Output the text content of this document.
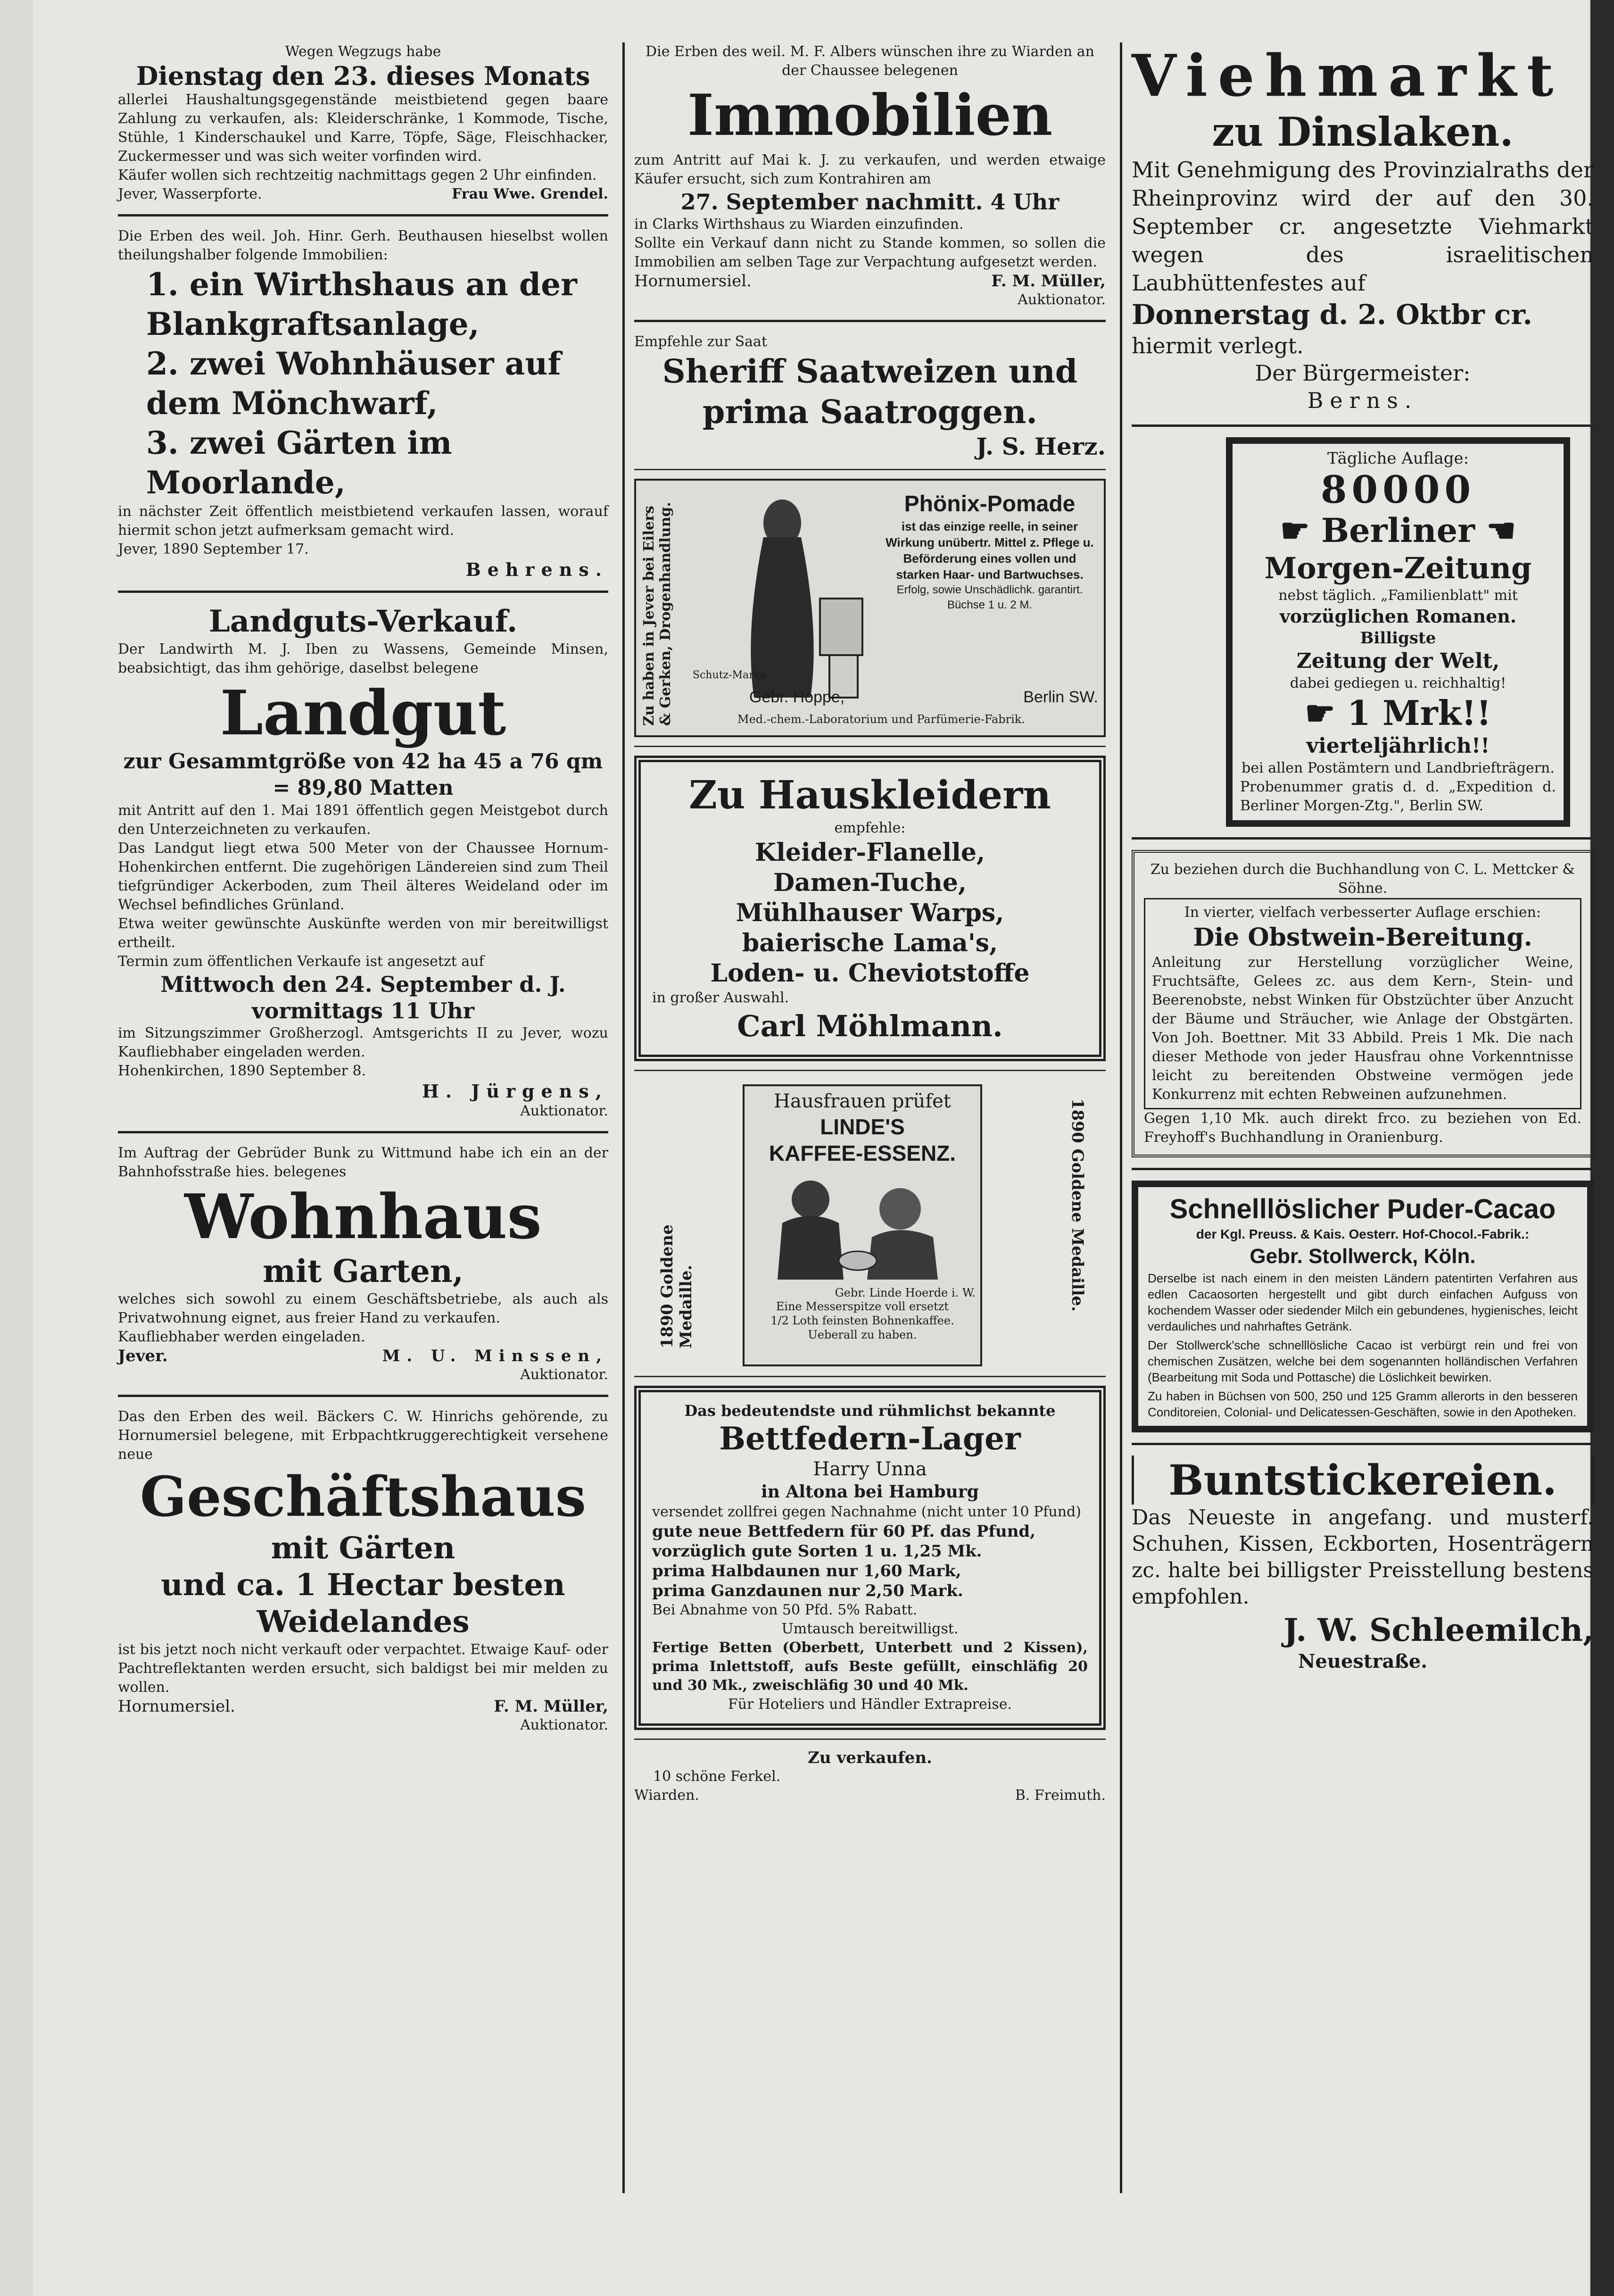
Wegen Wegzugs habe
Dienstag den 23. dieses Monats
allerlei Haushaltungsgegenstände meistbietend gegen baare Zahlung zu verkaufen, als: Kleiderschränke, 1 Kommode, Tische, Stühle, 1 Kinderschaukel und Karre, Töpfe, Säge, Fleischhacker, Zuckermesser und was sich weiter vorfinden wird.
Käufer wollen sich rechtzeitig nachmittags gegen 2 Uhr einfinden.
Jever, Wasserpforte.	Frau Wwe. Grendel.
Die Erben des weil. Joh. Hinr. Gerh. Beuthausen hieselbst wollen theilungshalber folgende Immobilien:
1. ein Wirthshaus an der Blankgraftsanlage,
2. zwei Wohnhäuser auf dem Mönchwarf,
3. zwei Gärten im Moorlande,
in nächster Zeit öffentlich meistbietend verkaufen lassen, worauf hiermit schon jetzt aufmerksam gemacht wird.
Jever, 1890 September 17.
Behrens.
Landguts-Verkauf.
Der Landwirth M. J. Iben zu Wassens, Gemeinde Minsen, beabsichtigt, das ihm gehörige, daselbst belegene
Landgut
zur Gesammtgröße von 42 ha 45 a 76 qm
= 89,80 Matten
mit Antritt auf den 1. Mai 1891 öffentlich gegen Meistgebot durch den Unterzeichneten zu verkaufen.
Das Landgut liegt etwa 500 Meter von der Chaussee Hornum-Hohenkirchen entfernt. Die zugehörigen Ländereien sind zum Theil tiefgründiger Ackerboden, zum Theil älteres Weideland oder im Wechsel befindliches Grünland.
Etwa weiter gewünschte Auskünfte werden von mir bereitwilligst ertheilt.
Termin zum öffentlichen Verkaufe ist angesetzt auf
Mittwoch den 24. September d. J.
vormittags 11 Uhr
im Sitzungszimmer Großherzogl. Amtsgerichts II zu Jever, wozu Kaufliebhaber eingeladen werden.
Hohenkirchen, 1890 September 8.
H. Jürgens,
Auktionator.
Im Auftrag der Gebrüder Bunk zu Wittmund habe ich ein an der Bahnhofsstraße hies. belegenes
Wohnhaus
mit Garten,
welches sich sowohl zu einem Geschäftsbetriebe, als auch als Privatwohnung eignet, aus freier Hand zu verkaufen.
Kaufliebhaber werden eingeladen.
Jever.	M. U. Minssen,
Auktionator.
Das den Erben des weil. Bäckers C. W. Hinrichs gehörende, zu Hornumersiel belegene, mit Erbpachtkruggerechtigkeit versehene neue
Geschäftshaus
mit Gärten
und ca. 1 Hectar besten
Weidelandes
ist bis jetzt noch nicht verkauft oder verpachtet. Etwaige Kauf- oder Pachtreflektanten werden ersucht, sich baldigst bei mir melden zu wollen.
Hornumersiel.	F. M. Müller,
Auktionator.
Die Erben des weil. M. F. Albers wünschen ihre zu Wiarden an der Chaussee belegenen
Immobilien
zum Antritt auf Mai k. J. zu verkaufen, und werden etwaige Käufer ersucht, sich zum Kontrahiren am
27. September nachmitt. 4 Uhr
in Clarks Wirthshaus zu Wiarden einzufinden.
Sollte ein Verkauf dann nicht zu Stande kommen, so sollen die Immobilien am selben Tage zur Verpachtung aufgesetzt werden.
Hornumersiel.	F. M. Müller,
Auktionator.
Empfehle zur Saat
Sheriff Saatweizen und
prima Saatroggen.
J. S. Herz.
Zu haben in Jever bei Eilers & Gerken, Drogenhandlung.	Phönix-Pomade
ist das einzige reelle, in seiner Wirkung unübertr. Mittel z. Pflege u. Beförderung eines vollen und starken Haar- und Bartwuchses.
Erfolg, sowie Unschädlichk. garantirt. Büchse 1 u. 2 M.
Schutz-Marke.
Gebr. Hoppe,	Berlin SW.
Med.-chem.-Laboratorium und Parfümerie-Fabrik.
Zu Hauskleidern
empfehle:
Kleider-Flanelle,
Damen-Tuche,
Mühlhauser Warps,
baierische Lama's,
Loden- u. Cheviotstoffe
in großer Auswahl.
Carl Möhlmann.
1890 Goldene Medaille.	1890 Goldene Medaille.
Hausfrauen prüfet
LINDE'S
KAFFEE-ESSENZ.
Gebr. Linde Hoerde i. W.
Eine Messerspitze voll ersetzt
1/2 Loth feinsten Bohnenkaffee.
Ueberall zu haben.
Das bedeutendste und rühmlichst bekannte
Bettfedern-Lager
Harry Unna
in Altona bei Hamburg
versendet zollfrei gegen Nachnahme (nicht unter 10 Pfund)
gute neue Bettfedern für 60 Pf. das Pfund,
vorzüglich gute Sorten 1 u. 1,25 Mk.
prima Halbdaunen nur 1,60 Mark,
prima Ganzdaunen nur 2,50 Mark.
Bei Abnahme von 50 Pfd. 5% Rabatt.
Umtausch bereitwilligst.
Fertige Betten (Oberbett, Unterbett und 2 Kissen), prima Inlettstoff, aufs Beste gefüllt, einschläfig 20 und 30 Mk., zweischläfig 30 und 40 Mk.
Für Hoteliers und Händler Extrapreise.
Zu verkaufen.
10 schöne Ferkel.
Wiarden.	B. Freimuth.
Viehmarkt
zu Dinslaken.
Mit Genehmigung des Provinzialraths der Rheinprovinz wird der auf den 30. September cr. angesetzte Viehmarkt wegen des israelitischen Laubhüttenfestes auf
Donnerstag d. 2. Oktbr cr.
hiermit verlegt.
Der Bürgermeister:
Berns.
Tägliche Auflage:
80000
☛ Berliner ☚
Morgen-Zeitung
nebst täglich. „Familienblatt" mit
vorzüglichen Romanen.
Billigste
Zeitung der Welt,
dabei gediegen u. reichhaltig!
☛ 1 Mrk!!
vierteljährlich!!
bei allen Postämtern und Landbriefträgern.
Probenummer gratis d. d. „Expedition d. Berliner Morgen-Ztg.", Berlin SW.
Zu beziehen durch die Buchhandlung von C. L. Mettcker & Söhne.
In vierter, vielfach verbesserter Auflage erschien:
Die Obstwein-Bereitung.
Anleitung zur Herstellung vorzüglicher Weine, Fruchtsäfte, Gelees zc. aus dem Kern-, Stein- und Beerenobste, nebst Winken für Obstzüchter über Anzucht der Bäume und Sträucher, wie Anlage der Obstgärten. Von Joh. Boettner. Mit 33 Abbild. Preis 1 Mk. Die nach dieser Methode von jeder Hausfrau ohne Vorkenntnisse leicht zu bereitenden Obstweine vermögen jede Konkurrenz mit echten Rebweinen aufzunehmen.
Gegen 1,10 Mk. auch direkt frco. zu beziehen von Ed. Freyhoff's Buchhandlung in Oranienburg.
Schnelllöslicher Puder-Cacao
der Kgl. Preuss. & Kais. Oesterr. Hof-Chocol.-Fabrik.:
Gebr. Stollwerck, Köln.
Derselbe ist nach einem in den meisten Ländern patentirten Verfahren aus edlen Cacaosorten hergestellt und gibt durch einfachen Aufguss von kochendem Wasser oder siedender Milch ein gebundenes, hygienisches, leicht verdauliches und nahrhaftes Getränk.
Der Stollwerck'sche schnelllösliche Cacao ist verbürgt rein und frei von chemischen Zusätzen, welche bei dem sogenannten holländischen Verfahren (Bearbeitung mit Soda und Pottasche) die Löslichkeit bewirken.
Zu haben in Büchsen von 500, 250 und 125 Gramm allerorts in den besseren Conditoreien, Colonial- und Delicatessen-Geschäften, sowie in den Apotheken.
Buntstickereien.
Das Neueste in angefang. und musterf. Schuhen, Kissen, Eckborten, Hosenträgern zc. halte bei billigster Preisstellung bestens empfohlen.
J. W. Schleemilch,
Neuestraße.
